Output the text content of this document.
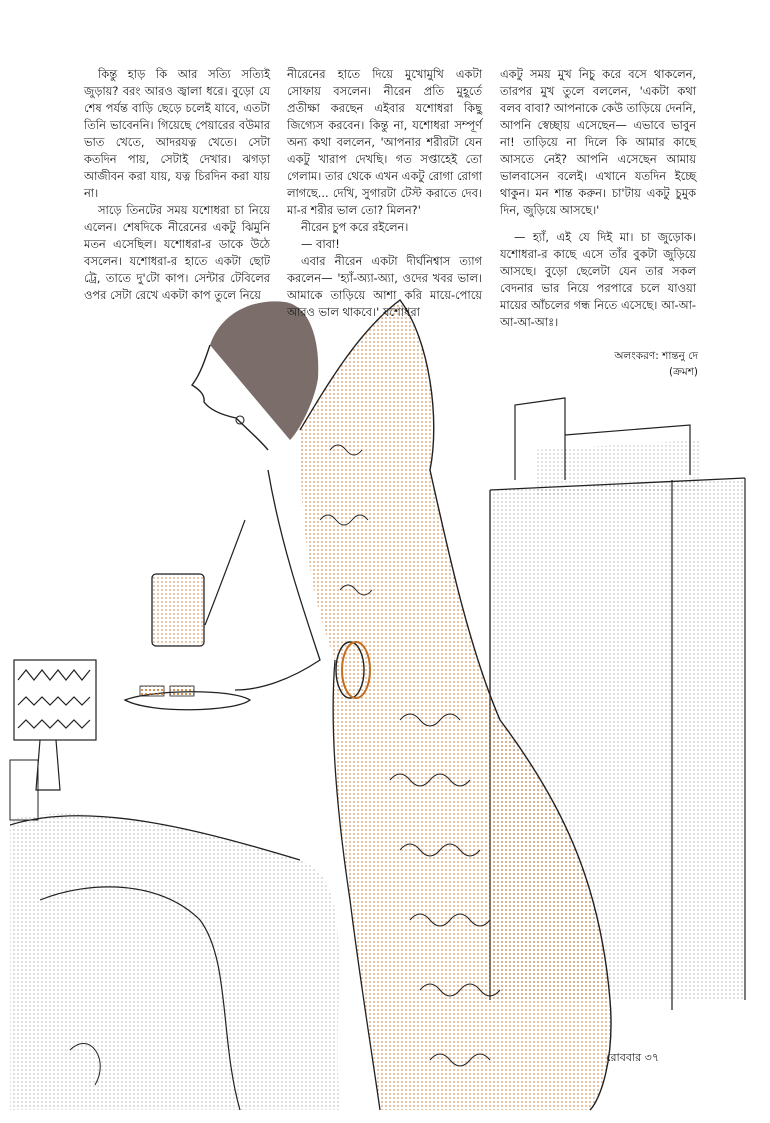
কিন্তু হাড় কি আর সত্যি সত্যিই জুড়ায়? বরং আরও জ্বালা ধরে। বুড়ো যে শেষ পর্যন্ত বাড়ি ছেড়ে চলেই যাবে, এতটা তিনি ভাবেননি। গিয়েছে পেয়ারের বউমার ভাত খেতে, আদরযত্ন খেতে। সেটা কতদিন পায়, সেটাই দেখার। ঝগড়া আজীবন করা যায়, যত্ন চিরদিন করা যায় না।

সাড়ে তিনটের সময় যশোধরা চা নিয়ে এলেন। শেষদিকে নীরেনের একটু ঝিমুনি মতন এসেছিল। যশোধরা-র ডাকে উঠে বসলেন। যশোধরা-র হাতে একটা ছোট ট্রে, তাতে দু'টো কাপ। সেন্টার টেবিলের ওপর সেটা রেখে একটা কাপ তুলে নিয়ে

নীরেনের হাতে দিয়ে মুখোমুখি একটা সোফায় বসলেন। নীরেন প্রতি মুহূর্তে প্রতীক্ষা করছেন এইবার যশোধরা কিছু জিগ্যেস করবেন। কিন্তু না, যশোধরা সম্পূর্ণ অন্য কথা বললেন, 'আপনার শরীরটা যেন একটু খারাপ দেখছি। গত সপ্তাহেই তো গেলাম। তার থেকে এখন একটু রোগা রোগা লাগছে... দেখি, সুগারটা টেস্ট করাতে দেব। মা-র শরীর ভাল তো? মিলন?'

নীরেন চুপ করে রইলেন।

— বাবা!

এবার নীরেন একটা দীর্ঘনিশ্বাস ত্যাগ করলেন— 'হ্যাঁ-অ্যা-অ্যা, ওদের খবর ভাল। আমাকে তাড়িয়ে আশা করি মায়ে-পোয়ে আরও ভাল থাকবে।' যশোধরা

একটু সময় মুখ নিচু করে বসে থাকলেন, তারপর মুখ তুলে বললেন, 'একটা কথা বলব বাবা? আপনাকে কেউ তাড়িয়ে দেননি, আপনি স্বেচ্ছায় এসেছেন— এভাবে ভাবুন না! তাড়িয়ে না দিলে কি আমার কাছে আসতে নেই? আপনি এসেছেন আমায় ভালবাসেন বলেই। এখানে যতদিন ইচ্ছে থাকুন। মন শান্ত করুন। চা'টায় একটু চুমুক দিন, জুড়িয়ে আসছে।'

— হ্যাঁ, এই যে দিই মা। চা জুড়োক। যশোধরা-র কাছে এসে তাঁর বুকটা জুড়িয়ে আসছে। বুড়ো ছেলেটা যেন তার সকল বেদনার ভার নিয়ে পরপারে চলে যাওয়া মায়ের আঁচলের গন্ধ নিতে এসেছে। আ-আ-আ-আ-আঃ।

অলংকরণ: শান্তনু দে
(ক্রমশ)
রোববার ৩৭
